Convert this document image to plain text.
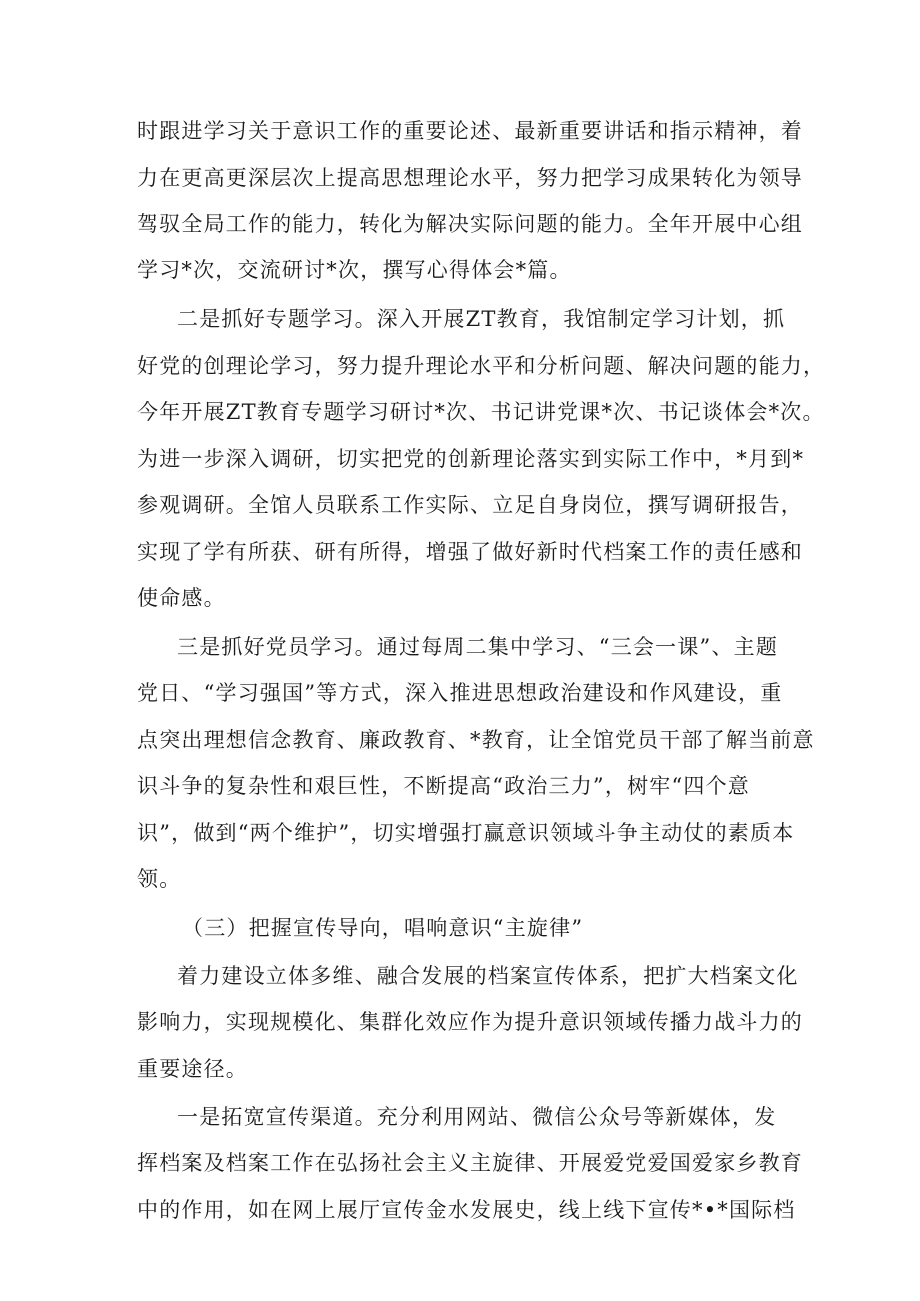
时跟进学习关于意识工作的重要论述、最新重要讲话和指示精神，着
力在更高更深层次上提高思想理论水平，努力把学习成果转化为领导
驾驭全局工作的能力，转化为解决实际问题的能力。全年开展中心组
学习*次，交流研讨*次，撰写心得体会*篇。
二是抓好专题学习。深入开展ZT教育，我馆制定学习计划，抓
好党的创理论学习，努力提升理论水平和分析问题、解决问题的能力，
今年开展ZT教育专题学习研讨*次、书记讲党课*次、书记谈体会*次。
为进一步深入调研，切实把党的创新理论落实到实际工作中，*月到*
参观调研。全馆人员联系工作实际、立足自身岗位，撰写调研报告，
实现了学有所获、研有所得，增强了做好新时代档案工作的责任感和
使命感。
三是抓好党员学习。通过每周二集中学习、“三会一课”、主题
党日、“学习强国”等方式，深入推进思想政治建设和作风建设，重
点突出理想信念教育、廉政教育、*教育，让全馆党员干部了解当前意
识斗争的复杂性和艰巨性，不断提高“政治三力”，树牢“四个意
识”，做到“两个维护”，切实增强打赢意识领域斗争主动仗的素质本
领。
（三）把握宣传导向，唱响意识“主旋律”
着力建设立体多维、融合发展的档案宣传体系，把扩大档案文化
影响力，实现规模化、集群化效应作为提升意识领域传播力战斗力的
重要途径。
一是拓宽宣传渠道。充分利用网站、微信公众号等新媒体，发
挥档案及档案工作在弘扬社会主义主旋律、开展爱党爱国爱家乡教育
中的作用，如在网上展厅宣传金水发展史，线上线下宣传*•*国际档
